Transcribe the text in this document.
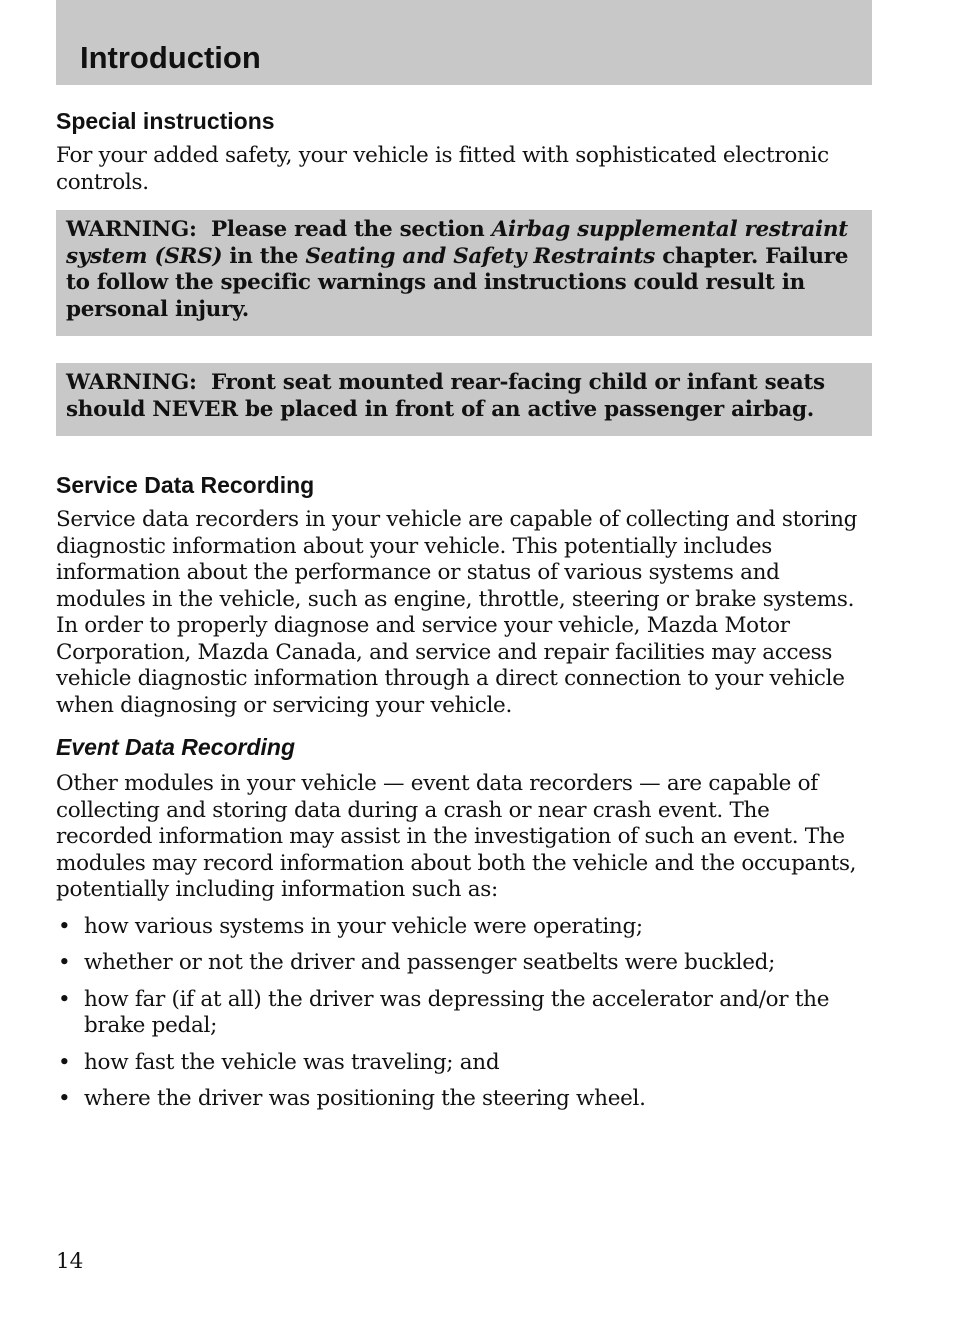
Introduction
Special instructions

For your added safety, your vehicle is fitted with sophisticated electronic controls.

WARNING: Please read the section Airbag supplemental restraint system (SRS) in the Seating and Safety Restraints chapter. Failure to follow the specific warnings and instructions could result in personal injury.
WARNING: Front seat mounted rear-facing child or infant seats should NEVER be placed in front of an active passenger airbag.
Service Data Recording

Service data recorders in your vehicle are capable of collecting and storing diagnostic information about your vehicle. This potentially includes information about the performance or status of various systems and modules in the vehicle, such as engine, throttle, steering or brake systems. In order to properly diagnose and service your vehicle, Mazda Motor Corporation, Mazda Canada, and service and repair facilities may access vehicle diagnostic information through a direct connection to your vehicle when diagnosing or servicing your vehicle.

Event Data Recording

Other modules in your vehicle — event data recorders — are capable of collecting and storing data during a crash or near crash event. The recorded information may assist in the investigation of such an event. The modules may record information about both the vehicle and the occupants, potentially including information such as:

• how various systems in your vehicle were operating;
• whether or not the driver and passenger seatbelts were buckled;
• how far (if at all) the driver was depressing the accelerator and/or the brake pedal;
• how fast the vehicle was traveling; and
• where the driver was positioning the steering wheel.
14
